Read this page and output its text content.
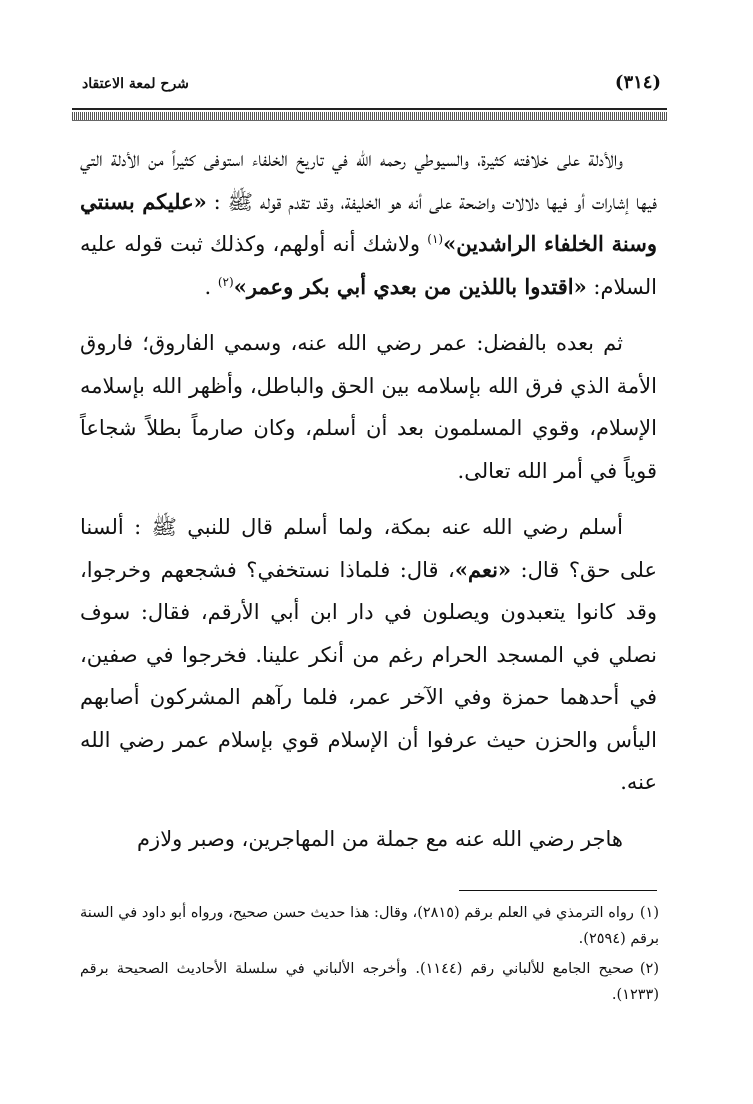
شرح لمعة الاعتقاد	(٣١٤)

والأدلة على خلافته كثيرة، والسيوطي رحمه الله في تاريخ الخلفاء استوفى كثيراً من الأدلة التي فيها إشارات أو فيها دلالات واضحة على أنه هو الخليفة، وقد تقدم قوله ﷺ : «عليكم بسنتي وسنة الخلفاء الراشدين»$^{(١)}$ ولاشك أنه أولهم، وكذلك ثبت قوله عليه السلام: «اقتدوا باللذين من بعدي أبي بكر وعمر»$^{(٢)}$ .

ثم بعده بالفضل: عمر رضي الله عنه، وسمي الفاروق؛ فاروق الأمة الذي فرق الله بإسلامه بين الحق والباطل، وأظهر الله بإسلامه الإسلام، وقوي المسلمون بعد أن أسلم، وكان صارماً بطلاً شجاعاً قوياً في أمر الله تعالى.

أسلم رضي الله عنه بمكة، ولما أسلم قال للنبي ﷺ : ألسنا على حق؟ قال: «نعم»، قال: فلماذا نستخفي؟ فشجعهم وخرجوا، وقد كانوا يتعبدون ويصلون في دار ابن أبي الأرقم، فقال: سوف نصلي في المسجد الحرام رغم من أنكر علينا. فخرجوا في صفين، في أحدهما حمزة وفي الآخر عمر، فلما رآهم المشركون أصابهم اليأس والحزن حيث عرفوا أن الإسلام قوي بإسلام عمر رضي الله عنه.

هاجر رضي الله عنه مع جملة من المهاجرين، وصبر ولازم

(١)رواه الترمذي في العلم برقم (٢٨١٥)، وقال: هذا حديث حسن صحيح، ورواه أبو داود في السنة برقم (٢٥٩٤).
(٢)صحيح الجامع للألباني رقم (١١٤٤). وأخرجه الألباني في سلسلة الأحاديث الصحيحة برقم (١٢٣٣).
